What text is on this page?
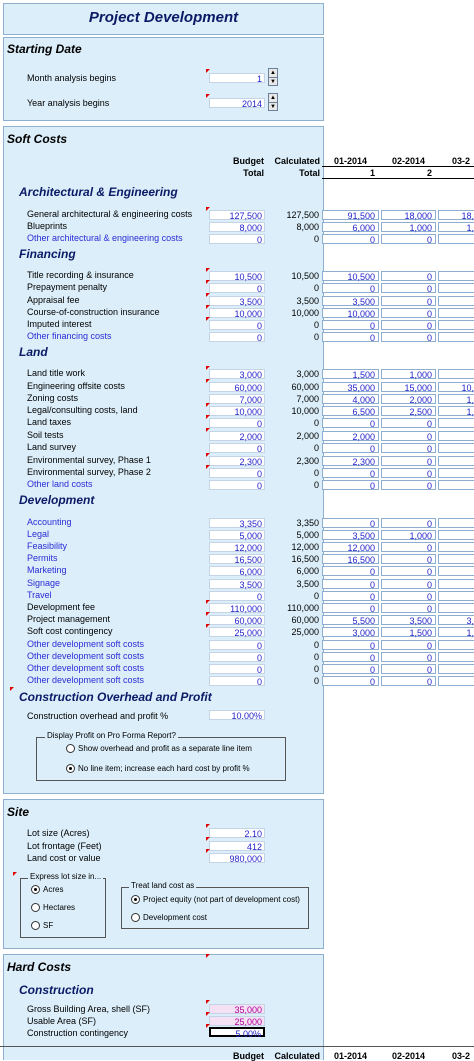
Project Development
Starting Date
Month analysis begins	1
▲
▼
Year analysis begins	2014
▲
▼
Soft Costs
Budget
Total
Calculated
Total
01-2014	02-2014	03-2
1	2
Architectural & Engineering
Financing
Land
Development
Construction Overhead and Profit
General architectural & engineering costs	127,500	127,500	91,500	18,000	18,
Blueprints	8,000	8,000	6,000	1,000	1,
Other architectural & engineering costs	0	0	0	0
Title recording & insurance	10,500	10,500	10,500	0
Prepayment penalty	0	0	0	0
Appraisal fee	3,500	3,500	3,500	0
Course-of-construction insurance	10,000	10,000	10,000	0
Imputed interest	0	0	0	0
Other financing costs	0	0	0	0
Land title work	3,000	3,000	1,500	1,000
Engineering offsite costs	60,000	60,000	35,000	15,000	10,
Zoning costs	7,000	7,000	4,000	2,000	1,
Legal/consulting costs, land	10,000	10,000	6,500	2,500	1,
Land taxes	0	0	0	0
Soil tests	2,000	2,000	2,000	0
Land survey	0	0	0	0
Environmental survey, Phase 1	2,300	2,300	2,300	0
Environmental survey, Phase 2	0	0	0	0
Other land costs	0	0	0	0
Accounting	3,350	3,350	0	0
Legal	5,000	5,000	3,500	1,000
Feasibility	12,000	12,000	12,000	0
Permits	16,500	16,500	16,500	0
Marketing	6,000	6,000	0	0
Signage	3,500	3,500	0	0
Travel	0	0	0	0
Development fee	110,000	110,000	0	0
Project management	60,000	60,000	5,500	3,500	3,
Soft cost contingency	25,000	25,000	3,000	1,500	1,
Other development soft costs	0	0	0	0
Other development soft costs	0	0	0	0
Other development soft costs	0	0	0	0
Other development soft costs	0	0	0	0
Construction overhead and profit %	10.00%
Display Profit on Pro Forma Report?
Show overhead and profit as a separate line item
No line item; increase each hard cost by profit %
Site
Lot size (Acres)	2.10
Lot frontage (Feet)	412
Land cost or value	980,000
Express lot size in...
Acres
Hectares
SF
Treat land cost as
Project equity (not part of development cost)
Development cost
Hard Costs
Construction
Gross Building Area, shell (SF)	35,000
Usable Area (SF)	25,000
Construction contingency	5.00%
Budget	Calculated	01-2014	02-2014	03-2
